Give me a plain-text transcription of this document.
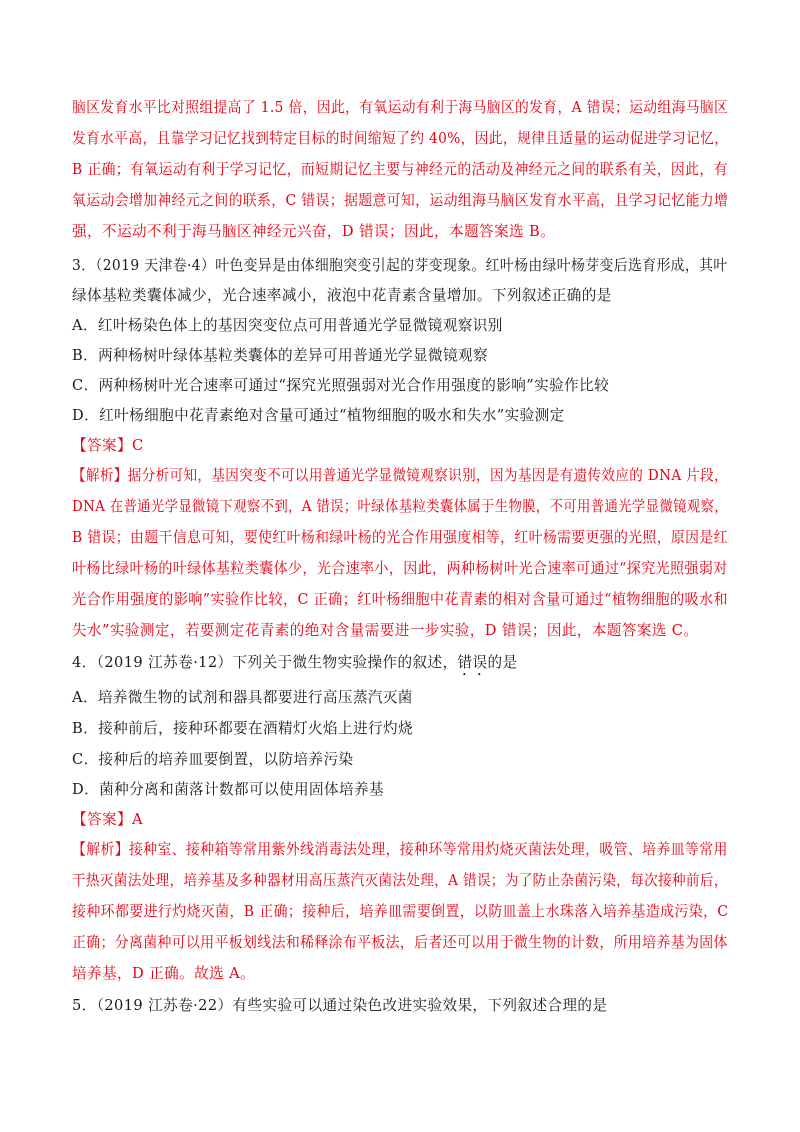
脑区发育水平比对照组提高了 1.5 倍，因此，有氧运动有利于海马脑区的发育，A 错误；运动组海马脑区
发育水平高，且靠学习记忆找到特定目标的时间缩短了约 40%，因此，规律且适量的运动促进学习记忆，
B 正确；有氧运动有利于学习记忆，而短期记忆主要与神经元的活动及神经元之间的联系有关，因此，有
氧运动会增加神经元之间的联系，C 错误；据题意可知，运动组海马脑区发育水平高，且学习记忆能力增
强，不运动不利于海马脑区神经元兴奋，D 错误；因此，本题答案选 B。
3．（2019 天津卷·4）叶色变异是由体细胞突变引起的芽变现象。红叶杨由绿叶杨芽变后选育形成，其叶
绿体基粒类囊体减少，光合速率减小，液泡中花青素含量增加。下列叙述正确的是
A．红叶杨染色体上的基因突变位点可用普通光学显微镜观察识别
B．两种杨树叶绿体基粒类囊体的差异可用普通光学显微镜观察
C．两种杨树叶光合速率可通过“探究光照强弱对光合作用强度的影响”实验作比较
D．红叶杨细胞中花青素绝对含量可通过“植物细胞的吸水和失水”实验测定
【答案】C
【解析】据分析可知，基因突变不可以用普通光学显微镜观察识别，因为基因是有遗传效应的 DNA 片段，
DNA 在普通光学显微镜下观察不到，A 错误；叶绿体基粒类囊体属于生物膜，不可用普通光学显微镜观察，
B 错误；由题干信息可知，要使红叶杨和绿叶杨的光合作用强度相等，红叶杨需要更强的光照，原因是红
叶杨比绿叶杨的叶绿体基粒类囊体少，光合速率小，因此，两种杨树叶光合速率可通过“探究光照强弱对
光合作用强度的影响”实验作比较，C 正确；红叶杨细胞中花青素的相对含量可通过“植物细胞的吸水和
失水”实验测定，若要测定花青素的绝对含量需要进一步实验，D 错误；因此，本题答案选 C。
4．（2019 江苏卷·12）下列关于微生物实验操作的叙述，错误的是
A．培养微生物的试剂和器具都要进行高压蒸汽灭菌
B．接种前后，接种环都要在酒精灯火焰上进行灼烧
C．接种后的培养皿要倒置，以防培养污染
D．菌种分离和菌落计数都可以使用固体培养基
【答案】A
【解析】接种室、接种箱等常用紫外线消毒法处理，接种环等常用灼烧灭菌法处理，吸管、培养皿等常用
干热灭菌法处理，培养基及多种器材用高压蒸汽灭菌法处理，A 错误；为了防止杂菌污染，每次接种前后，
接种环都要进行灼烧灭菌，B 正确；接种后，培养皿需要倒置，以防皿盖上水珠落入培养基造成污染，C
正确；分离菌种可以用平板划线法和稀释涂布平板法，后者还可以用于微生物的计数，所用培养基为固体
培养基，D 正确。故选 A。
5．（2019 江苏卷·22）有些实验可以通过染色改进实验效果，下列叙述合理的是
